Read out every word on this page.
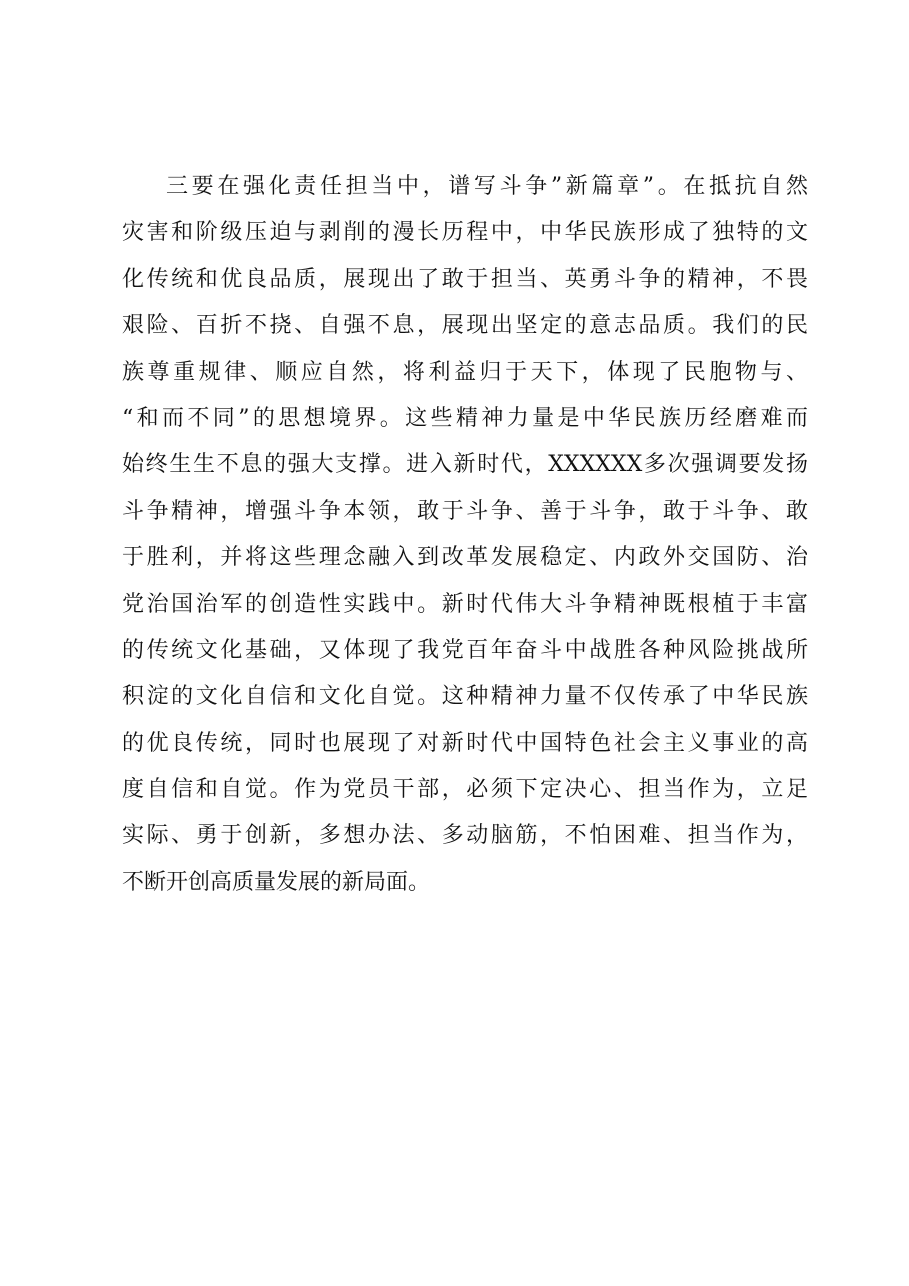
三要在强化责任担当中，谱写斗争”新篇章”。在抵抗自然
灾害和阶级压迫与剥削的漫长历程中，中华民族形成了独特的文
化传统和优良品质，展现出了敢于担当、英勇斗争的精神，不畏
艰险、百折不挠、自强不息，展现出坚定的意志品质。我们的民
族尊重规律、顺应自然，将利益归于天下，体现了民胞物与、
“和而不同”的思想境界。这些精神力量是中华民族历经磨难而
始终生生不息的强大支撑。进入新时代，XXXXXX多次强调要发扬
斗争精神，增强斗争本领，敢于斗争、善于斗争，敢于斗争、敢
于胜利，并将这些理念融入到改革发展稳定、内政外交国防、治
党治国治军的创造性实践中。新时代伟大斗争精神既根植于丰富
的传统文化基础，又体现了我党百年奋斗中战胜各种风险挑战所
积淀的文化自信和文化自觉。这种精神力量不仅传承了中华民族
的优良传统，同时也展现了对新时代中国特色社会主义事业的高
度自信和自觉。作为党员干部，必须下定决心、担当作为，立足
实际、勇于创新，多想办法、多动脑筋，不怕困难、担当作为，
不断开创高质量发展的新局面。
